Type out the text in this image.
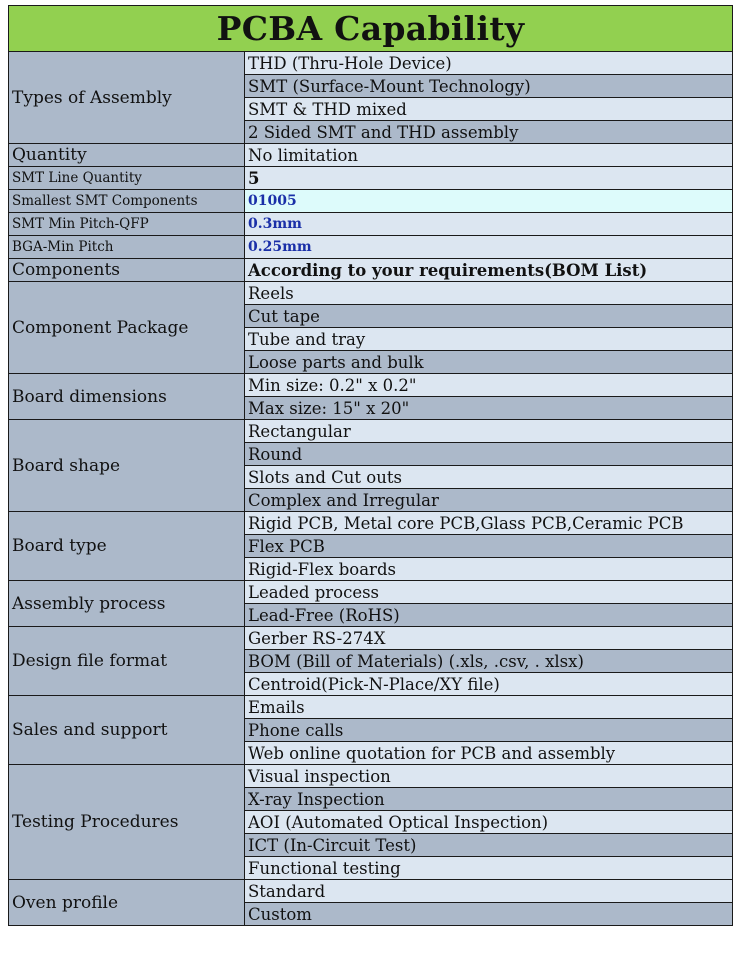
PCBA Capability	
Types of Assembly	THD (Thru-Hole Device)
	SMT (Surface-Mount Technology)
	SMT & THD mixed
	2 Sided SMT and THD assembly
Quantity	No limitation
SMT Line Quantity	5
Smallest SMT Components	01005
SMT Min Pitch-QFP	0.3mm
BGA-Min Pitch	0.25mm
Components	According to your requirements(BOM List)
Component Package	Reels
	Cut tape
	Tube and tray
	Loose parts and bulk
Board dimensions	Min size: 0.2" x 0.2"
	Max size: 15" x 20"
Board shape	Rectangular
	Round
	Slots and Cut outs
	Complex and Irregular
Board type	Rigid PCB, Metal core PCB,Glass PCB,Ceramic PCB
	Flex PCB
	Rigid-Flex boards
Assembly process	Leaded process
	Lead-Free (RoHS)
Design file format	Gerber RS-274X
	BOM (Bill of Materials) (.xls, .csv, . xlsx)
	Centroid(Pick-N-Place/XY file)
Sales and support	Emails
	Phone calls
	Web online quotation for PCB and assembly
Testing Procedures	Visual inspection
	X-ray Inspection
	AOI (Automated Optical Inspection)
	ICT (In-Circuit Test)
	Functional testing
Oven profile	Standard
	Custom
